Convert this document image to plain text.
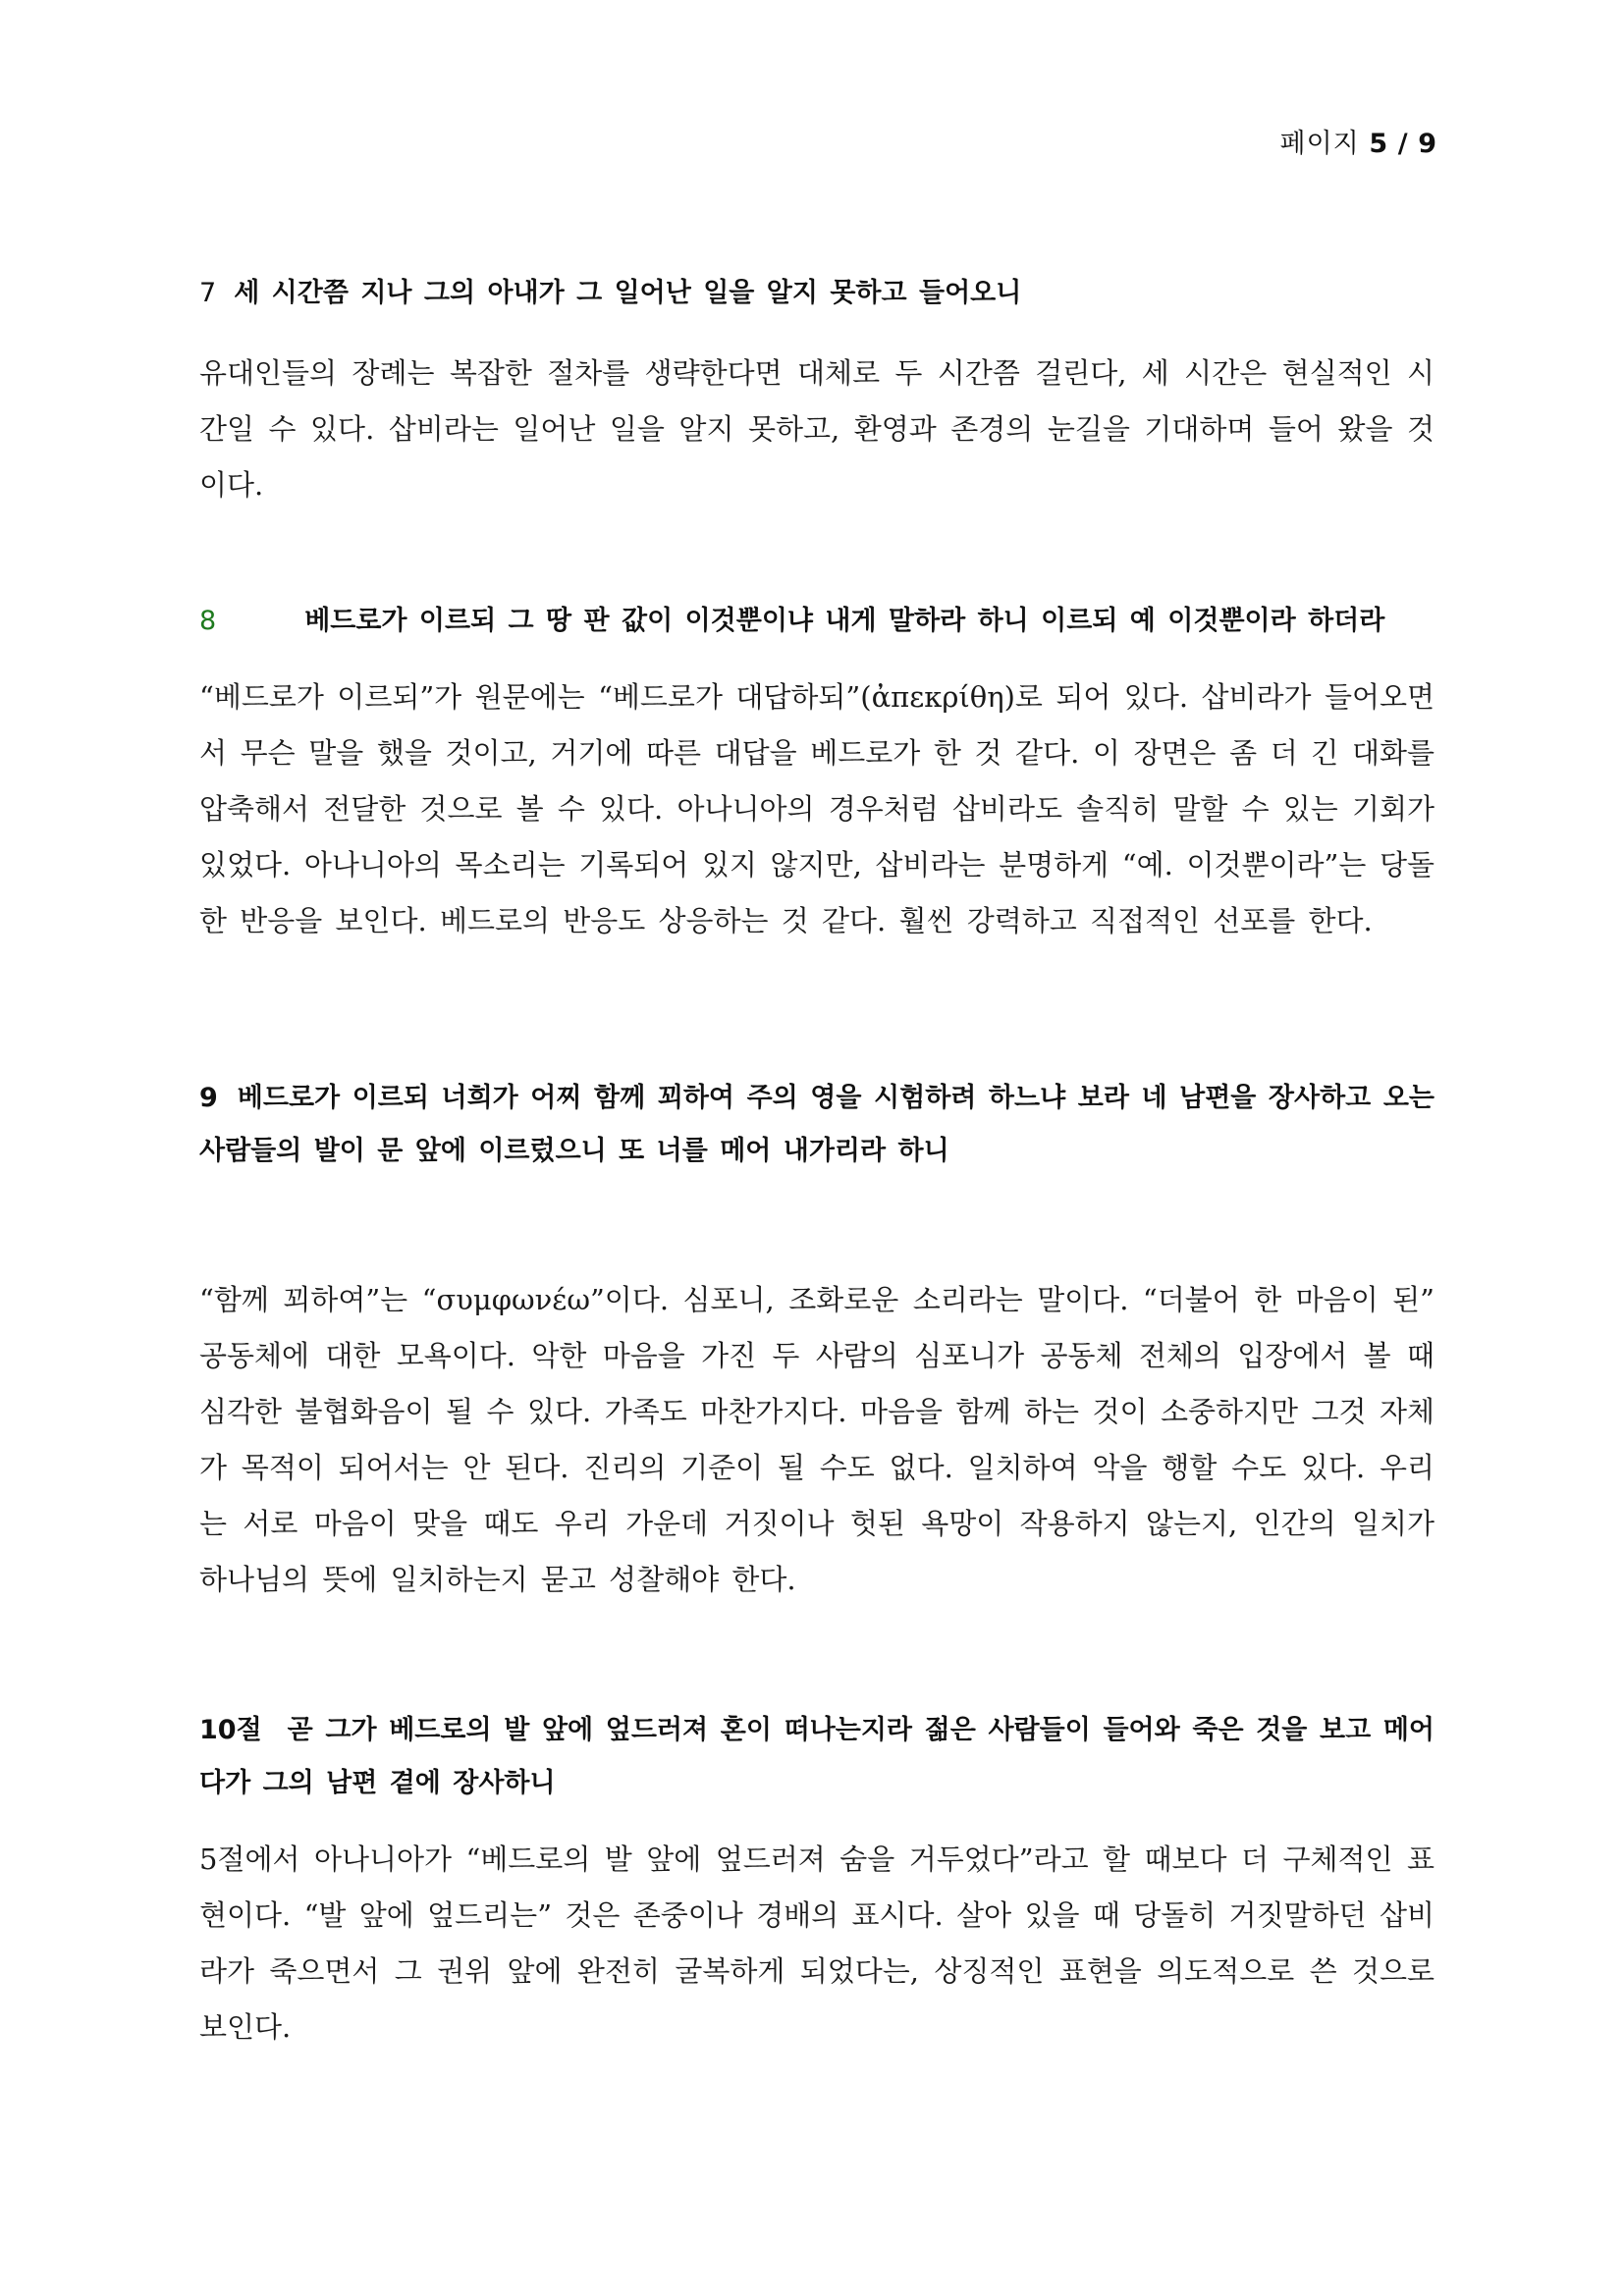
페이지 5 / 9

7 세 시간쯤 지나 그의 아내가 그 일어난 일을 알지 못하고 들어오니

유대인들의 장례는 복잡한 절차를 생략한다면 대체로 두 시간쯤 걸린다, 세 시간은 현실적인 시간일 수 있다. 삽비라는 일어난 일을 알지 못하고, 환영과 존경의 눈길을 기대하며 들어 왔을 것이다.

8	베드로가 이르되 그 땅 판 값이 이것뿐이냐 내게 말하라 하니 이르되 예 이것뿐이라 하더라

“베드로가 이르되”가 원문에는 “베드로가 대답하되”(ἀπεκρίθη)로 되어 있다. 삽비라가 들어오면서 무슨 말을 했을 것이고, 거기에 따른 대답을 베드로가 한 것 같다. 이 장면은 좀 더 긴 대화를 압축해서 전달한 것으로 볼 수 있다. 아나니아의 경우처럼 삽비라도 솔직히 말할 수 있는 기회가 있었다. 아나니아의 목소리는 기록되어 있지 않지만, 삽비라는 분명하게 “예. 이것뿐이라”는 당돌한 반응을 보인다. 베드로의 반응도 상응하는 것 같다. 훨씬 강력하고 직접적인 선포를 한다.

9 베드로가 이르되 너희가 어찌 함께 꾀하여 주의 영을 시험하려 하느냐 보라 네 남편을 장사하고 오는 사람들의 발이 문 앞에 이르렀으니 또 너를 메어 내가리라 하니

“함께 꾀하여”는 “συμφωνέω”이다. 심포니, 조화로운 소리라는 말이다. “더불어 한 마음이 된” 공동체에 대한 모욕이다. 악한 마음을 가진 두 사람의 심포니가 공동체 전체의 입장에서 볼 때 심각한 불협화음이 될 수 있다. 가족도 마찬가지다. 마음을 함께 하는 것이 소중하지만 그것 자체가 목적이 되어서는 안 된다. 진리의 기준이 될 수도 없다. 일치하여 악을 행할 수도 있다. 우리는 서로 마음이 맞을 때도 우리 가운데 거짓이나 헛된 욕망이 작용하지 않는지, 인간의 일치가 하나님의 뜻에 일치하는지 묻고 성찰해야 한다.

10절 곧 그가 베드로의 발 앞에 엎드러져 혼이 떠나는지라 젊은 사람들이 들어와 죽은 것을 보고 메어다가 그의 남편 곁에 장사하니

5절에서 아나니아가 “베드로의 발 앞에 엎드러져 숨을 거두었다”라고 할 때보다 더 구체적인 표현이다. “발 앞에 엎드리는” 것은 존중이나 경배의 표시다. 살아 있을 때 당돌히 거짓말하던 삽비라가 죽으면서 그 권위 앞에 완전히 굴복하게 되었다는, 상징적인 표현을 의도적으로 쓴 것으로 보인다.
